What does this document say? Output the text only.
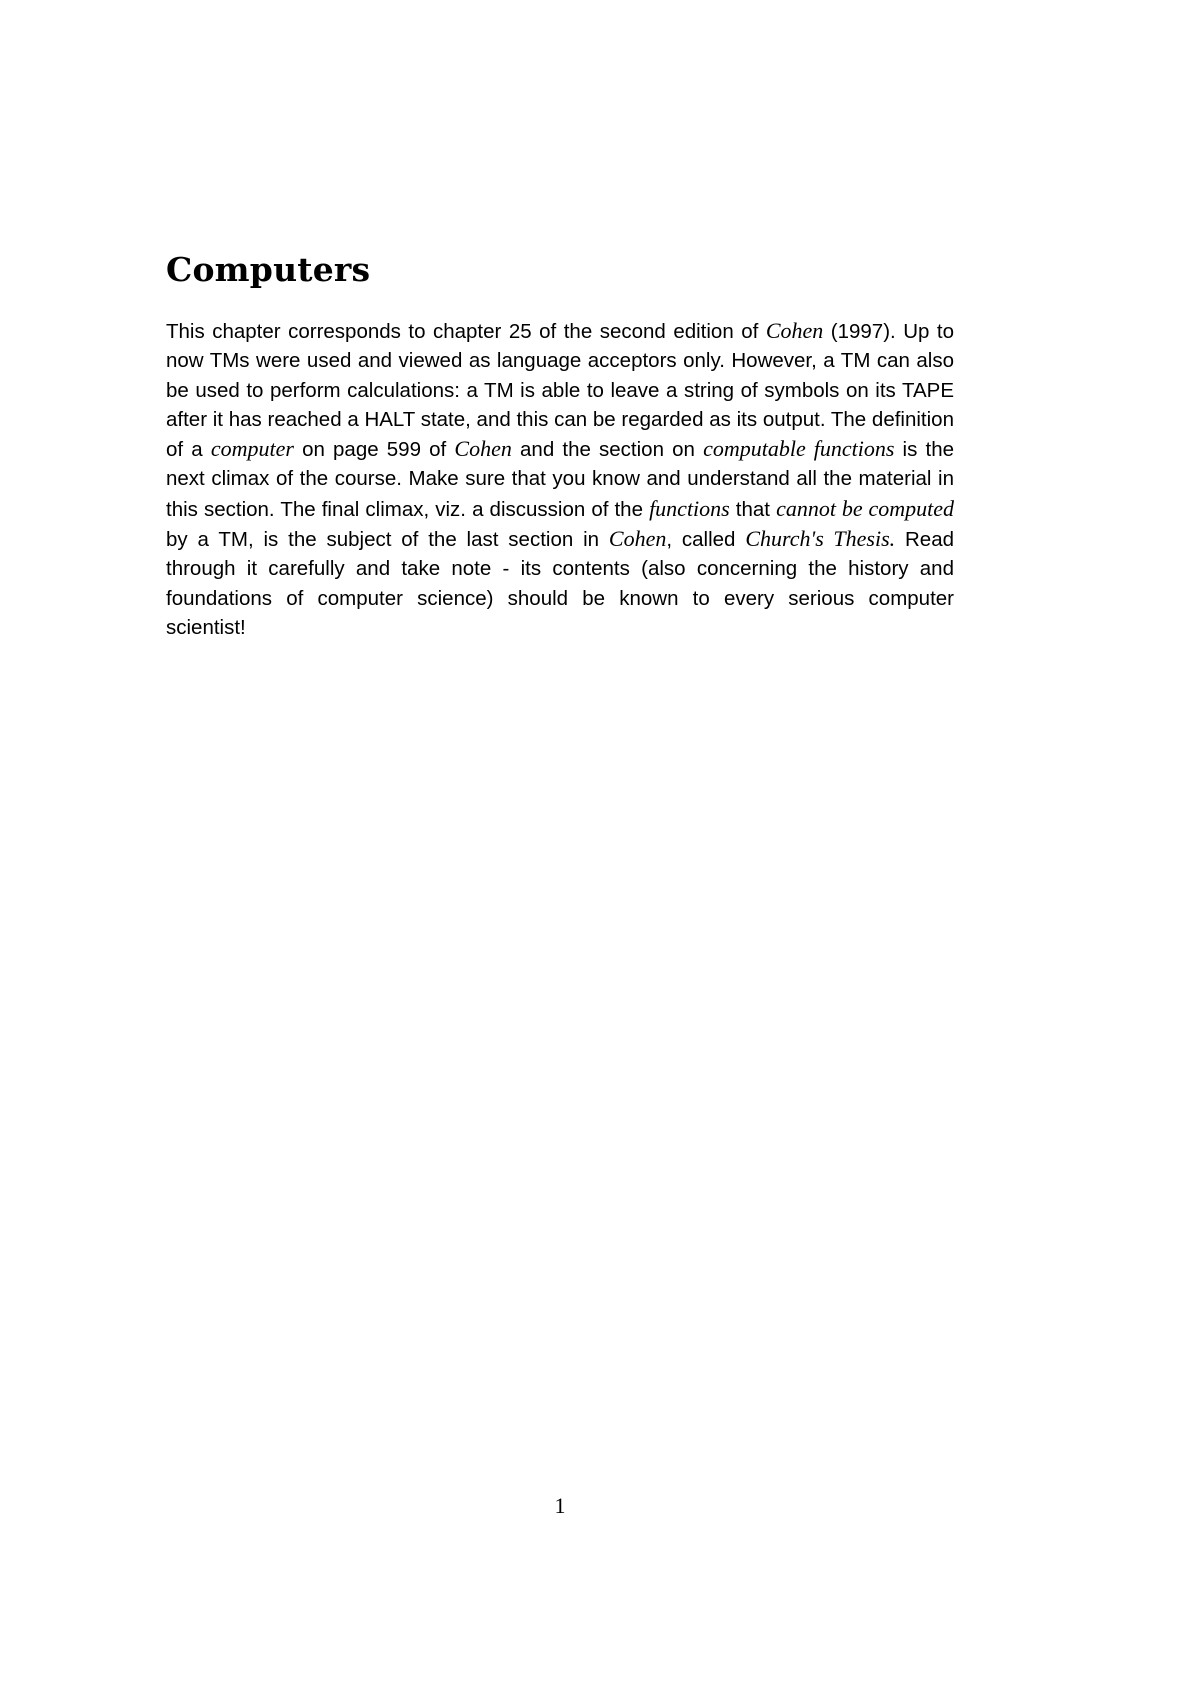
Computers

This chapter corresponds to chapter 25 of the second edition of Cohen (1997). Up to now TMs were used and viewed as language acceptors only. However, a TM can also be used to perform calculations: a TM is able to leave a string of symbols on its TAPE after it has reached a HALT state, and this can be regarded as its output. The definition of a computer on page 599 of Cohen and the section on computable functions is the next climax of the course. Make sure that you know and understand all the material in this section. The final climax, viz. a discussion of the functions that cannot be computed by a TM, is the subject of the last section in Cohen, called Church's Thesis. Read through it carefully and take note - its contents (also concerning the history and foundations of computer science) should be known to every serious computer scientist!

1
